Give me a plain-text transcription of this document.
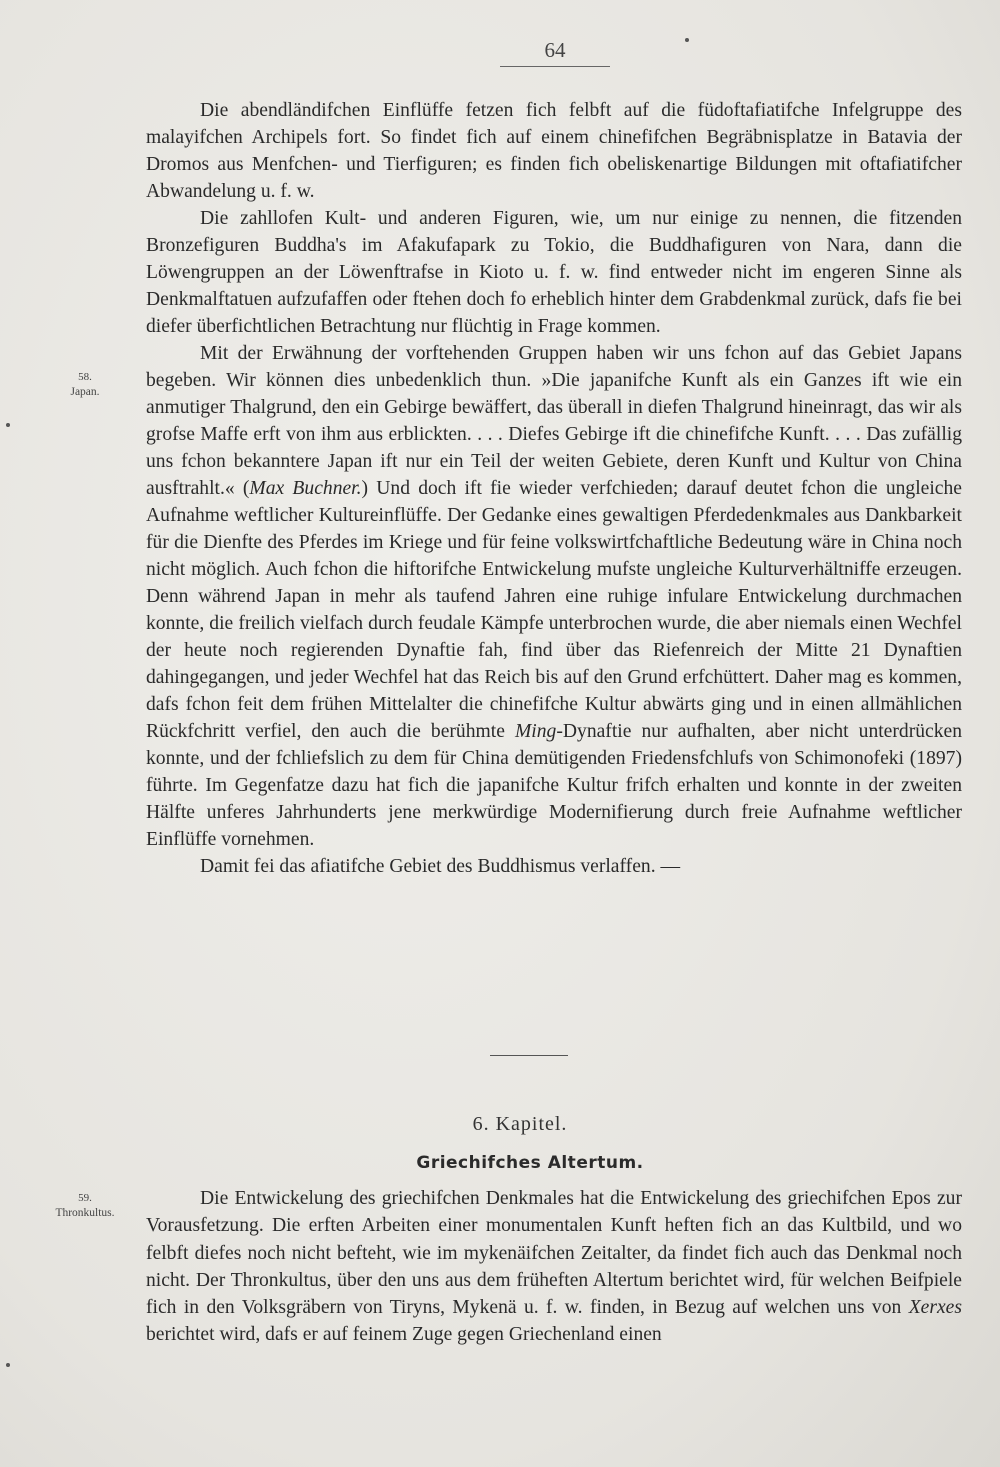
64
58.
Japan.

Die abendländifchen Einflüffe fetzen fich felbft auf die füdoftafiatifche Infelgruppe des malayifchen Archipels fort. So findet fich auf einem chinefifchen Begräbnisplatze in Batavia der Dromos aus Menfchen- und Tierfiguren; es finden fich obeliskenartige Bildungen mit oftafiatifcher Abwandelung u. f. w.

Die zahllofen Kult- und anderen Figuren, wie, um nur einige zu nennen, die fitzenden Bronzefiguren Buddha's im Afakufapark zu Tokio, die Buddhafiguren von Nara, dann die Löwengruppen an der Löwenftrafse in Kioto u. f. w. find entweder nicht im engeren Sinne als Denkmalftatuen aufzufaffen oder ftehen doch fo erheblich hinter dem Grabdenkmal zurück, dafs fie bei diefer überfichtlichen Betrachtung nur flüchtig in Frage kommen.

Mit der Erwähnung der vorftehenden Gruppen haben wir uns fchon auf das Gebiet Japans begeben. Wir können dies unbedenklich thun. »Die japanifche Kunft als ein Ganzes ift wie ein anmutiger Thalgrund, den ein Gebirge bewäffert, das überall in diefen Thalgrund hineinragt, das wir als grofse Maffe erft von ihm aus erblickten. . . . Diefes Gebirge ift die chinefifche Kunft. . . . Das zufällig uns fchon bekanntere Japan ift nur ein Teil der weiten Gebiete, deren Kunft und Kultur von China ausftrahlt.« (Max Buchner.) Und doch ift fie wieder verfchieden; darauf deutet fchon die ungleiche Aufnahme weftlicher Kultureinflüffe. Der Gedanke eines gewaltigen Pferdedenkmales aus Dankbarkeit für die Dienfte des Pferdes im Kriege und für feine volkswirtfchaftliche Bedeutung wäre in China noch nicht möglich. Auch fchon die hiftorifche Entwickelung mufste ungleiche Kulturverhältniffe erzeugen. Denn während Japan in mehr als taufend Jahren eine ruhige infulare Entwickelung durchmachen konnte, die freilich vielfach durch feudale Kämpfe unterbrochen wurde, die aber niemals einen Wechfel der heute noch regierenden Dynaftie fah, find über das Riefenreich der Mitte 21 Dynaftien dahingegangen, und jeder Wechfel hat das Reich bis auf den Grund erfchüttert. Daher mag es kommen, dafs fchon feit dem frühen Mittelalter die chinefifche Kultur abwärts ging und in einen allmählichen Rückfchritt verfiel, den auch die berühmte Ming-Dynaftie nur aufhalten, aber nicht unterdrücken konnte, und der fchliefslich zu dem für China demütigenden Friedensfchlufs von Schimonofeki (1897) führte. Im Gegenfatze dazu hat fich die japanifche Kultur frifch erhalten und konnte in der zweiten Hälfte unferes Jahrhunderts jene merkwürdige Modernifierung durch freie Aufnahme weftlicher Einflüffe vornehmen.

Damit fei das afiatifche Gebiet des Buddhismus verlaffen. —

6. Kapitel.
Griechifches Altertum.
59.
Thronkultus.

Die Entwickelung des griechifchen Denkmales hat die Entwickelung des griechifchen Epos zur Vorausfetzung. Die erften Arbeiten einer monumentalen Kunft heften fich an das Kultbild, und wo felbft diefes noch nicht befteht, wie im mykenäifchen Zeitalter, da findet fich auch das Denkmal noch nicht. Der Thronkultus, über den uns aus dem früheften Altertum berichtet wird, für welchen Beifpiele fich in den Volksgräbern von Tiryns, Mykenä u. f. w. finden, in Bezug auf welchen uns von Xerxes berichtet wird, dafs er auf feinem Zuge gegen Griechenland einen
